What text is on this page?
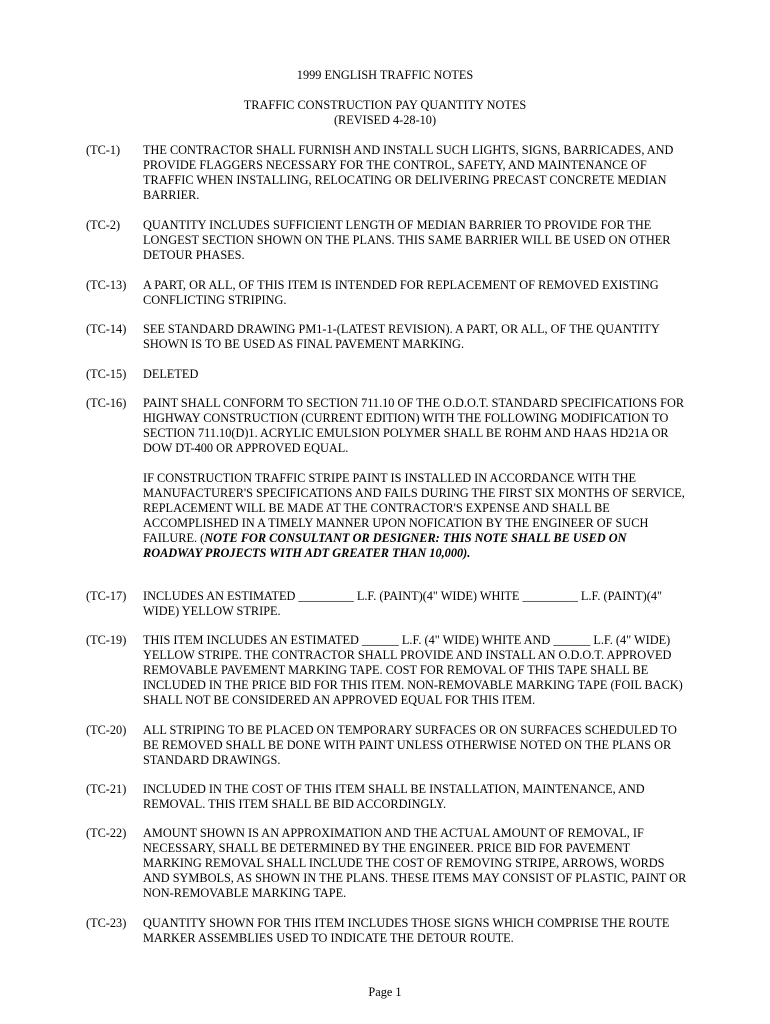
1999 ENGLISH TRAFFIC NOTES
TRAFFIC CONSTRUCTION PAY QUANTITY NOTES
(REVISED 4-28-10)
(TC-1)	THE CONTRACTOR SHALL FURNISH AND INSTALL SUCH LIGHTS, SIGNS, BARRICADES, AND PROVIDE FLAGGERS NECESSARY FOR THE CONTROL, SAFETY, AND MAINTENANCE OF TRAFFIC WHEN INSTALLING, RELOCATING OR DELIVERING PRECAST CONCRETE MEDIAN BARRIER.
(TC-2)	QUANTITY INCLUDES SUFFICIENT LENGTH OF MEDIAN BARRIER TO PROVIDE FOR THE LONGEST SECTION SHOWN ON THE PLANS. THIS SAME BARRIER WILL BE USED ON OTHER DETOUR PHASES.
(TC-13)	A PART, OR ALL, OF THIS ITEM IS INTENDED FOR REPLACEMENT OF REMOVED EXISTING CONFLICTING STRIPING.
(TC-14)	SEE STANDARD DRAWING PM1-1-(LATEST REVISION). A PART, OR ALL, OF THE QUANTITY SHOWN IS TO BE USED AS FINAL PAVEMENT MARKING.
(TC-15)	DELETED
(TC-16)	PAINT SHALL CONFORM TO SECTION 711.10 OF THE O.D.O.T. STANDARD SPECIFICATIONS FOR HIGHWAY CONSTRUCTION (CURRENT EDITION) WITH THE FOLLOWING MODIFICATION TO SECTION 711.10(D)1. ACRYLIC EMULSION POLYMER SHALL BE ROHM AND HAAS HD21A OR DOW DT-400 OR APPROVED EQUAL.
IF CONSTRUCTION TRAFFIC STRIPE PAINT IS INSTALLED IN ACCORDANCE WITH THE MANUFACTURER'S SPECIFICATIONS AND FAILS DURING THE FIRST SIX MONTHS OF SERVICE, REPLACEMENT WILL BE MADE AT THE CONTRACTOR'S EXPENSE AND SHALL BE ACCOMPLISHED IN A TIMELY MANNER UPON NOFICATION BY THE ENGINEER OF SUCH FAILURE. (NOTE FOR CONSULTANT OR DESIGNER: THIS NOTE SHALL BE USED ON ROADWAY PROJECTS WITH ADT GREATER THAN 10,000).
(TC-17)	INCLUDES AN ESTIMATED _________ L.F. (PAINT)(4" WIDE) WHITE _________ L.F. (PAINT)(4" WIDE) YELLOW STRIPE.
(TC-19)	THIS ITEM INCLUDES AN ESTIMATED ______ L.F. (4" WIDE) WHITE AND ______ L.F. (4" WIDE) YELLOW STRIPE. THE CONTRACTOR SHALL PROVIDE AND INSTALL AN O.D.O.T. APPROVED REMOVABLE PAVEMENT MARKING TAPE. COST FOR REMOVAL OF THIS TAPE SHALL BE INCLUDED IN THE PRICE BID FOR THIS ITEM. NON-REMOVABLE MARKING TAPE (FOIL BACK) SHALL NOT BE CONSIDERED AN APPROVED EQUAL FOR THIS ITEM.
(TC-20)	ALL STRIPING TO BE PLACED ON TEMPORARY SURFACES OR ON SURFACES SCHEDULED TO BE REMOVED SHALL BE DONE WITH PAINT UNLESS OTHERWISE NOTED ON THE PLANS OR STANDARD DRAWINGS.
(TC-21)	INCLUDED IN THE COST OF THIS ITEM SHALL BE INSTALLATION, MAINTENANCE, AND REMOVAL. THIS ITEM SHALL BE BID ACCORDINGLY.
(TC-22)	AMOUNT SHOWN IS AN APPROXIMATION AND THE ACTUAL AMOUNT OF REMOVAL, IF NECESSARY, SHALL BE DETERMINED BY THE ENGINEER. PRICE BID FOR PAVEMENT MARKING REMOVAL SHALL INCLUDE THE COST OF REMOVING STRIPE, ARROWS, WORDS AND SYMBOLS, AS SHOWN IN THE PLANS. THESE ITEMS MAY CONSIST OF PLASTIC, PAINT OR NON-REMOVABLE MARKING TAPE.
(TC-23)	QUANTITY SHOWN FOR THIS ITEM INCLUDES THOSE SIGNS WHICH COMPRISE THE ROUTE MARKER ASSEMBLIES USED TO INDICATE THE DETOUR ROUTE.
Page 1
